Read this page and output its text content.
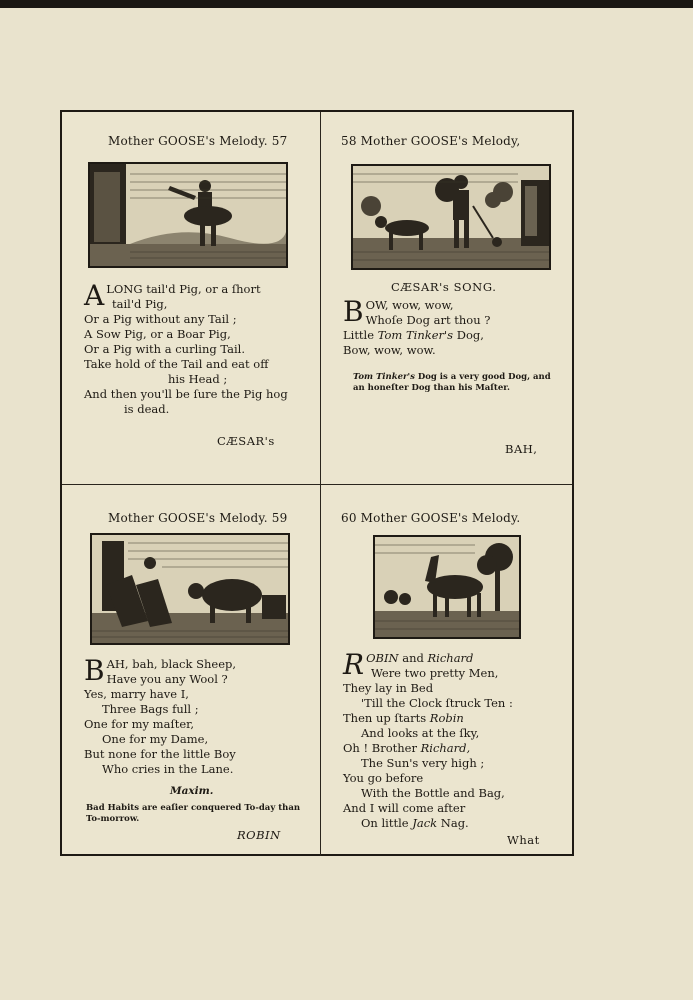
Mother GOOSE's Melody. 57
ALONG tail'd Pig, or a ſhort
tail'd Pig,
Or a Pig without any Tail ;
A Sow Pig, or a Boar Pig,
Or a Pig with a curling Tail.
Take hold of the Tail and eat off
his Head ;
And then you'll be ſure the Pig hog
is dead.
CÆSAR's
58 Mother GOOSE's Melody,
CÆSAR's SONG.
BOW, wow, wow,
Whoſe Dog art thou ?
Little Tom Tinker's Dog,
Bow, wow, wow.
Tom Tinker's Dog is a very good Dog, and an honeſter Dog than his Maſter.
BAH,
Mother GOOSE's Melody. 59
BAH, bah, black Sheep,
Have you any Wool ?
Yes, marry have I,
Three Bags full ;
One for my maſter,
One for my Dame,
But none for the little Boy
Who cries in the Lane.
Maxim.
Bad Habits are eaſier conquered To-day than To-morrow.
ROBIN
60 Mother GOOSE's Melody.
ROBIN and Richard
Were two pretty Men,
They lay in Bed
'Till the Clock ſtruck Ten :
Then up ſtarts Robin
And looks at the ſky,
Oh ! Brother Richard,
The Sun's very high ;
You go before
With the Bottle and Bag,
And I will come after
On little Jack Nag.
What
